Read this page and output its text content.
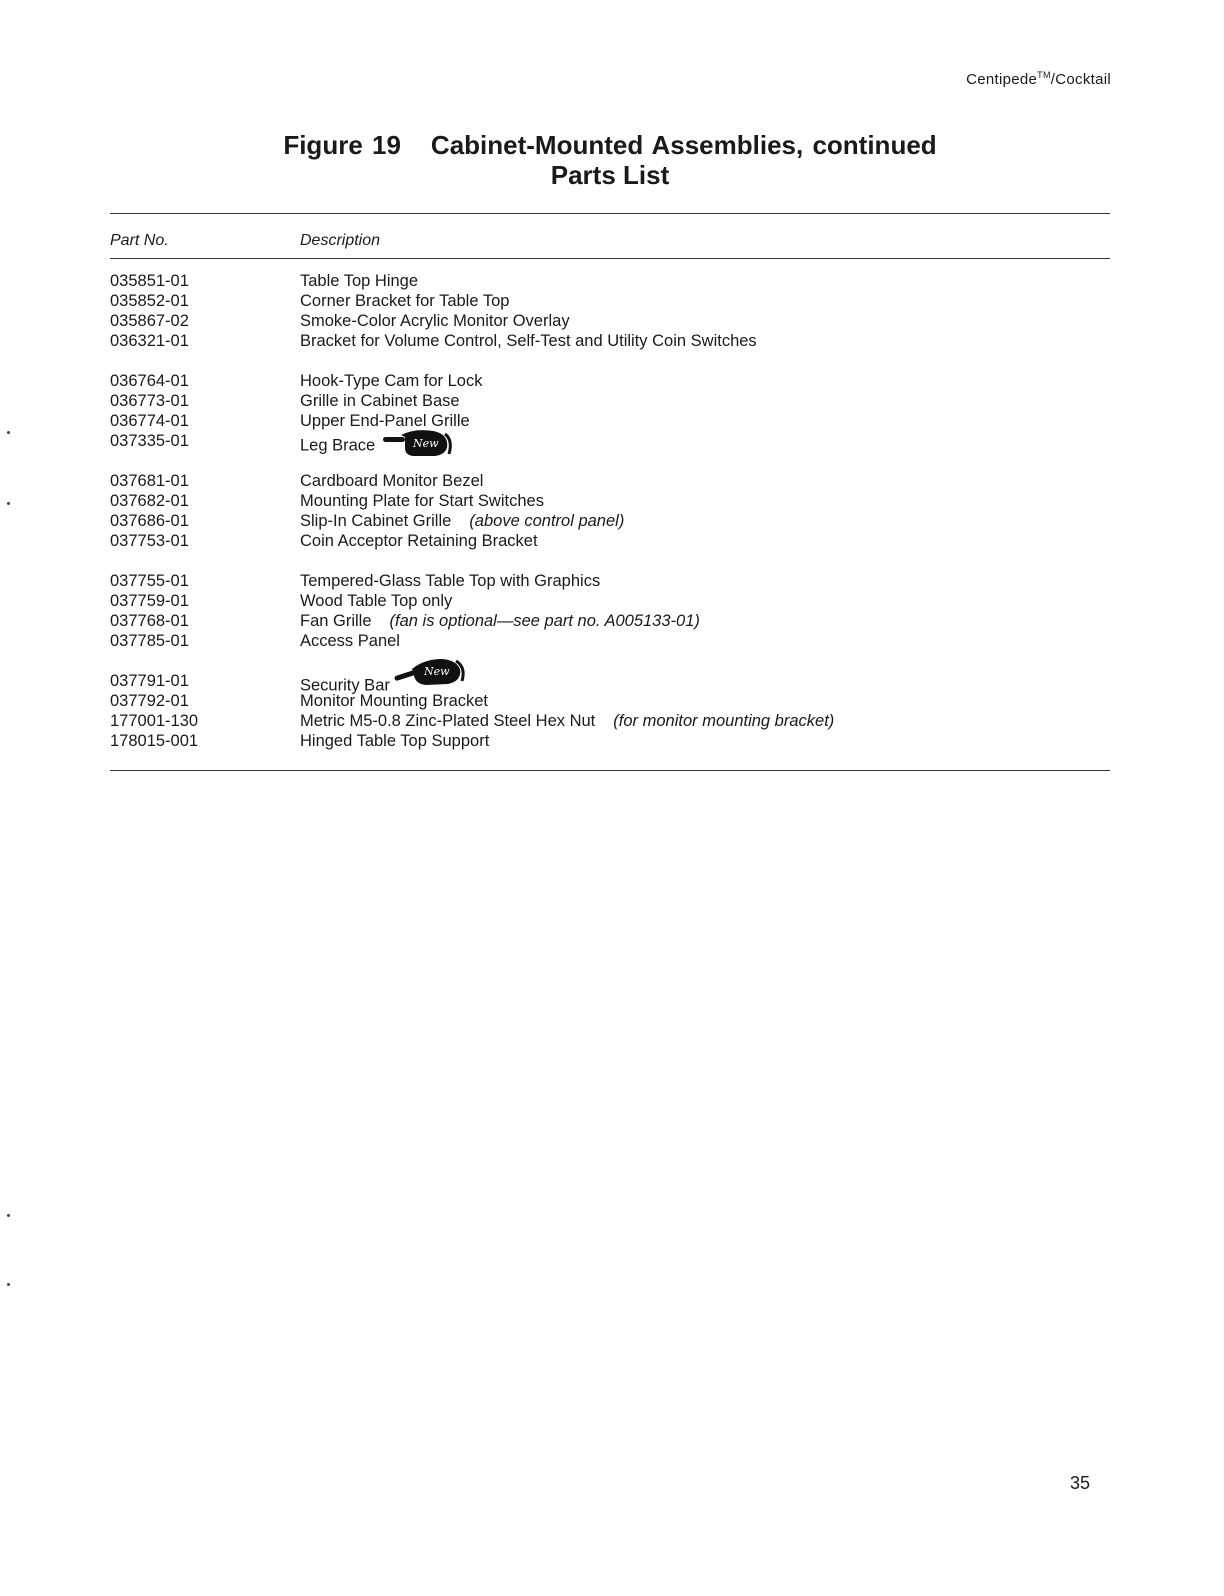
Centipede™/Cocktail
Figure 19 Cabinet-Mounted Assemblies, continued
Parts List
Part No.	Description
035851-01	Table Top Hinge
035852-01	Corner Bracket for Table Top
035867-02	Smoke-Color Acrylic Monitor Overlay
036321-01	Bracket for Volume Control, Self-Test and Utility Coin Switches
036764-01	Hook-Type Cam for Lock
036773-01	Grille in Cabinet Base
036774-01	Upper End-Panel Grille
037335-01	Leg Brace	New
037681-01	Cardboard Monitor Bezel
037682-01	Mounting Plate for Start Switches
037686-01	Slip-In Cabinet Grille (above control panel)
037753-01	Coin Acceptor Retaining Bracket
037755-01	Tempered-Glass Table Top with Graphics
037759-01	Wood Table Top only
037768-01	Fan Grille (fan is optional—see part no. A005133-01)
037785-01	Access Panel
037791-01	Security Bar
New
037792-01	Monitor Mounting Bracket
177001-130	Metric M5-0.8 Zinc-Plated Steel Hex Nut (for monitor mounting bracket)
178015-001	Hinged Table Top Support
35
